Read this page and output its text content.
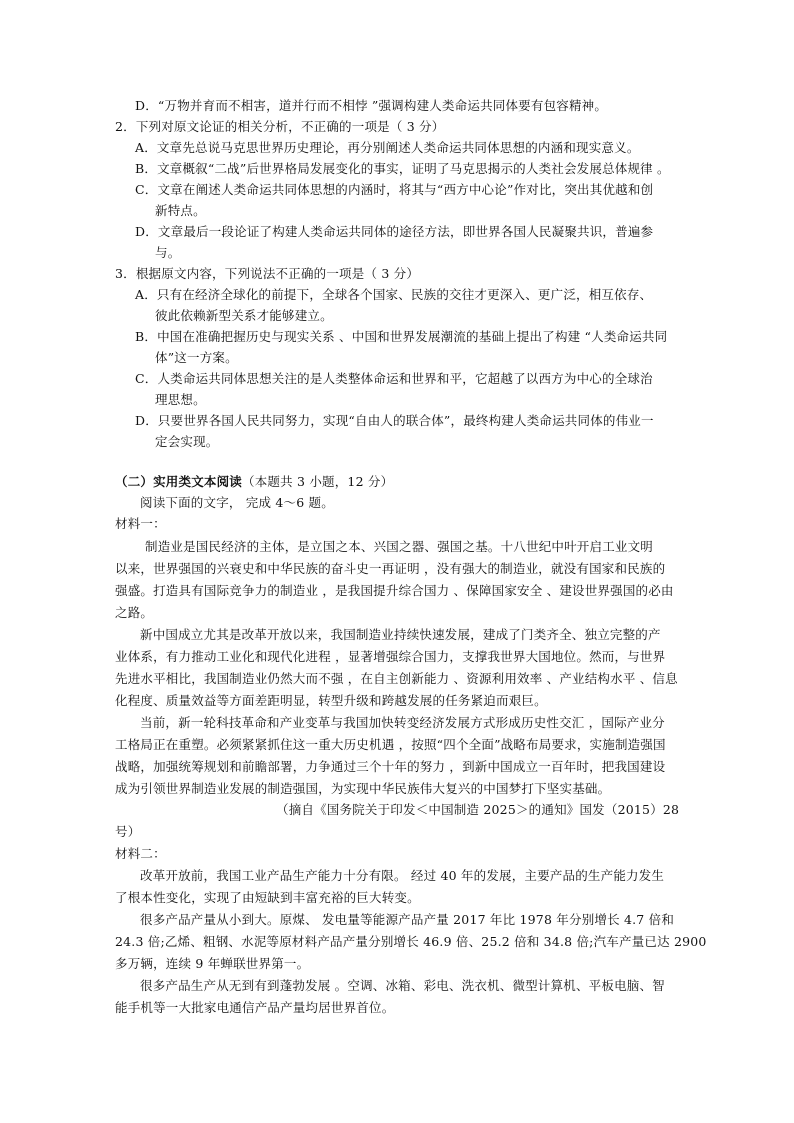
D．“万物并育而不相害，道并行而不相悖 ”强调构建人类命运共同体要有包容精神。
2．下列对原文论证的相关分析，不正确的一项是（ 3 分）
A．文章先总说马克思世界历史理论，再分别阐述人类命运共同体思想的内涵和现实意义。
B．文章概叙“二战”后世界格局发展变化的事实，证明了马克思揭示的人类社会发展总体规律 。
C．文章在阐述人类命运共同体思想的内涵时，将其与“西方中心论”作对比，突出其优越和创
新特点。
D．文章最后一段论证了构建人类命运共同体的途径方法，即世界各国人民凝聚共识，普遍参
与。
3．根据原文内容，下列说法不正确的一项是（ 3 分）
A．只有在经济全球化的前提下，全球各个国家、民族的交往才更深入、更广泛，相互依存、
彼此依赖新型关系才能够建立。
B．中国在准确把握历史与现实关系 、中国和世界发展潮流的基础上提出了构建 “人类命运共同
体”这一方案。
C．人类命运共同体思想关注的是人类整体命运和世界和平，它超越了以西方为中心的全球治
理思想。
D．只要世界各国人民共同努力，实现“自由人的联合体”，最终构建人类命运共同体的伟业一
定会实现。
（二）实用类文本阅读（本题共 3 小题，12 分）
阅读下面的文字， 完成 4～6 题。
材料一：
制造业是国民经济的主体，是立国之本、兴国之器、强国之基。十八世纪中叶开启工业文明
以来，世界强国的兴衰史和中华民族的奋斗史一再证明 ，没有强大的制造业，就没有国家和民族的
强盛。打造具有国际竞争力的制造业 ，是我国提升综合国力 、保障国家安全 、建设世界强国的必由
之路。
新中国成立尤其是改革开放以来，我国制造业持续快速发展，建成了门类齐全、独立完整的产
业体系，有力推动工业化和现代化进程 ，显著增强综合国力，支撑我世界大国地位。然而，与世界
先进水平相比，我国制造业仍然大而不强 ，在自主创新能力 、资源利用效率 、产业结构水平 、信息
化程度、质量效益等方面差距明显，转型升级和跨越发展的任务紧迫而艰巨。
当前，新一轮科技革命和产业变革与我国加快转变经济发展方式形成历史性交汇 ，国际产业分
工格局正在重塑。必须紧紧抓住这一重大历史机遇 ，按照“四个全面”战略布局要求，实施制造强国
战略，加强统筹规划和前瞻部署，力争通过三个十年的努力 ，到新中国成立一百年时，把我国建设
成为引领世界制造业发展的制造强国，为实现中华民族伟大复兴的中国梦打下坚实基础。
（摘自《国务院关于印发＜中国制造 2025＞的通知》国发（2015）28
号）
材料二：
改革开放前，我国工业产品生产能力十分有限。 经过 40 年的发展，主要产品的生产能力发生
了根本性变化，实现了由短缺到丰富充裕的巨大转变。
很多产品产量从小到大。原煤、 发电量等能源产品产量 2017 年比 1978 年分别增长 4.7 倍和
24.3 倍;乙烯、粗钢、水泥等原材料产品产量分别增长 46.9 倍、25.2 倍和 34.8 倍;汽车产量已达 2900
多万辆，连续 9 年蝉联世界第一。
很多产品生产从无到有到蓬勃发展 。空调、冰箱、彩电、洗衣机、微型计算机、平板电脑、智
能手机等一大批家电通信产品产量均居世界首位。
